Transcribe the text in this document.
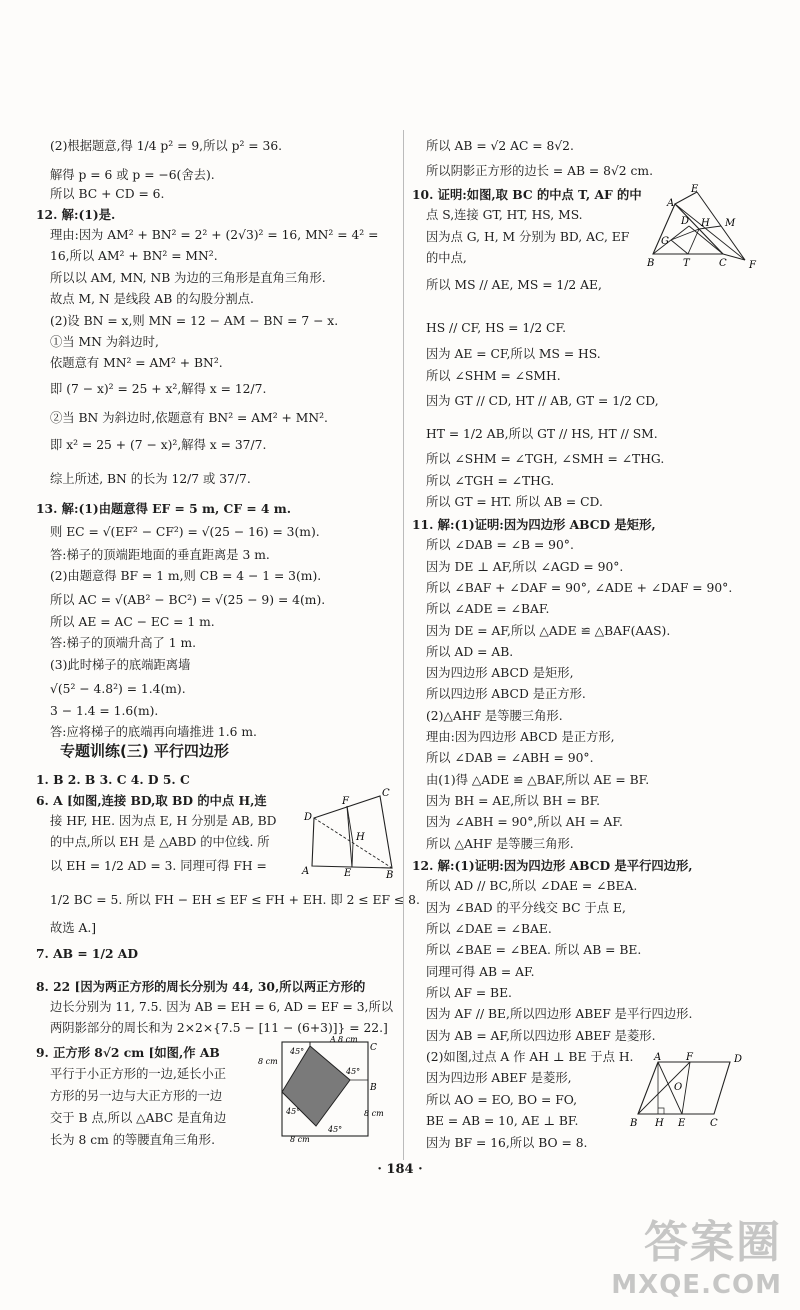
(2)根据题意,得 1/4 p² = 9,所以 p² = 36.
解得 p = 6 或 p = −6(舍去).
所以 BC + CD = 6.
12. 解:(1)是.
理由:因为 AM² + BN² = 2² + (2√3)² = 16, MN² = 4² =
16,所以 AM² + BN² = MN².
所以以 AM, MN, NB 为边的三角形是直角三角形.
故点 M, N 是线段 AB 的勾股分割点.
(2)设 BN = x,则 MN = 12 − AM − BN = 7 − x.
①当 MN 为斜边时,
依题意有 MN² = AM² + BN².
即 (7 − x)² = 25 + x²,解得 x = 12/7.
②当 BN 为斜边时,依题意有 BN² = AM² + MN².
即 x² = 25 + (7 − x)²,解得 x = 37/7.
综上所述, BN 的长为 12/7 或 37/7.
13. 解:(1)由题意得 EF = 5 m, CF = 4 m.
则 EC = √(EF² − CF²) = √(25 − 16) = 3(m).
答:梯子的顶端距地面的垂直距离是 3 m.
(2)由题意得 BF = 1 m,则 CB = 4 − 1 = 3(m).
所以 AC = √(AB² − BC²) = √(25 − 9) = 4(m).
所以 AE = AC − EC = 1 m.
答:梯子的顶端升高了 1 m.
(3)此时梯子的底端距离墙
√(5² − 4.8²) = 1.4(m).
3 − 1.4 = 1.6(m).
答:应将梯子的底端再向墙推进 1.6 m.
1. B 2. B 3. C 4. D 5. C
6. A [如图,连接 BD,取 BD 的中点 H,连
接 HF, HE. 因为点 E, H 分别是 AB, BD
的中点,所以 EH 是 △ABD 的中位线. 所
以 EH = 1/2 AD = 3. 同理可得 FH =
1/2 BC = 5. 所以 FH − EH ≤ EF ≤ FH + EH. 即 2 ≤ EF ≤ 8.
故选 A.]
7. AB = 1/2 AD
8. 22 [因为两正方形的周长分别为 44, 30,所以两正方形的
边长分别为 11, 7.5. 因为 AB = EH = 6, AD = EF = 3,所以
两阴影部分的周长和为 2×2×{7.5 − [11 − (6+3)]} = 22.]
9. 正方形 8√2 cm [如图,作 AB
平行于小正方形的一边,延长小正
方形的另一边与大正方形的一边
交于 B 点,所以 △ABC 是直角边
长为 8 cm 的等腰直角三角形.
所以 AB = √2 AC = 8√2.
所以阴影正方形的边长 = AB = 8√2 cm.
10. 证明:如图,取 BC 的中点 T, AF 的中
点 S,连接 GT, HT, HS, MS.
因为点 G, H, M 分别为 BD, AC, EF
的中点,
所以 MS // AE, MS = 1/2 AE,
HS // CF, HS = 1/2 CF.
因为 AE = CF,所以 MS = HS.
所以 ∠SHM = ∠SMH.
因为 GT // CD, HT // AB, GT = 1/2 CD,
HT = 1/2 AB,所以 GT // HS, HT // SM.
所以 ∠SHM = ∠TGH, ∠SMH = ∠THG.
所以 ∠TGH = ∠THG.
所以 GT = HT. 所以 AB = CD.
11. 解:(1)证明:因为四边形 ABCD 是矩形,
所以 ∠DAB = ∠B = 90°.
因为 DE ⊥ AF,所以 ∠AGD = 90°.
所以 ∠BAF + ∠DAF = 90°, ∠ADE + ∠DAF = 90°.
所以 ∠ADE = ∠BAF.
因为 DE = AF,所以 △ADE ≌ △BAF(AAS).
所以 AD = AB.
因为四边形 ABCD 是矩形,
所以四边形 ABCD 是正方形.
(2)△AHF 是等腰三角形.
理由:因为四边形 ABCD 是正方形,
所以 ∠DAB = ∠ABH = 90°.
由(1)得 △ADE ≌ △BAF,所以 AE = BF.
因为 BH = AE,所以 BH = BF.
因为 ∠ABH = 90°,所以 AH = AF.
所以 △AHF 是等腰三角形.
12. 解:(1)证明:因为四边形 ABCD 是平行四边形,
所以 AD // BC,所以 ∠DAE = ∠BEA.
因为 ∠BAD 的平分线交 BC 于点 E,
所以 ∠DAE = ∠BAE.
所以 ∠BAE = ∠BEA. 所以 AB = BE.
同理可得 AB = AF.
所以 AF = BE.
因为 AF // BE,所以四边形 ABEF 是平行四边形.
因为 AB = AF,所以四边形 ABEF 是菱形.
(2)如图,过点 A 作 AH ⊥ BE 于点 H.
因为四边形 ABEF 是菱形,
所以 AO = EO, BO = FO,
BE = AB = 10, AE ⊥ BF.
因为 BF = 16,所以 BO = 8.
专题训练(三) 平行四边形
C
F
D
H
A	E	B
A 8 cm
C
45°
45°
45°
45°
B
8 cm
8 cm
8 cm
E
A
M
D H
G
B	T	C F
A F	D
O
B H E C
· 184 ·
答案圈
MXQE.COM
